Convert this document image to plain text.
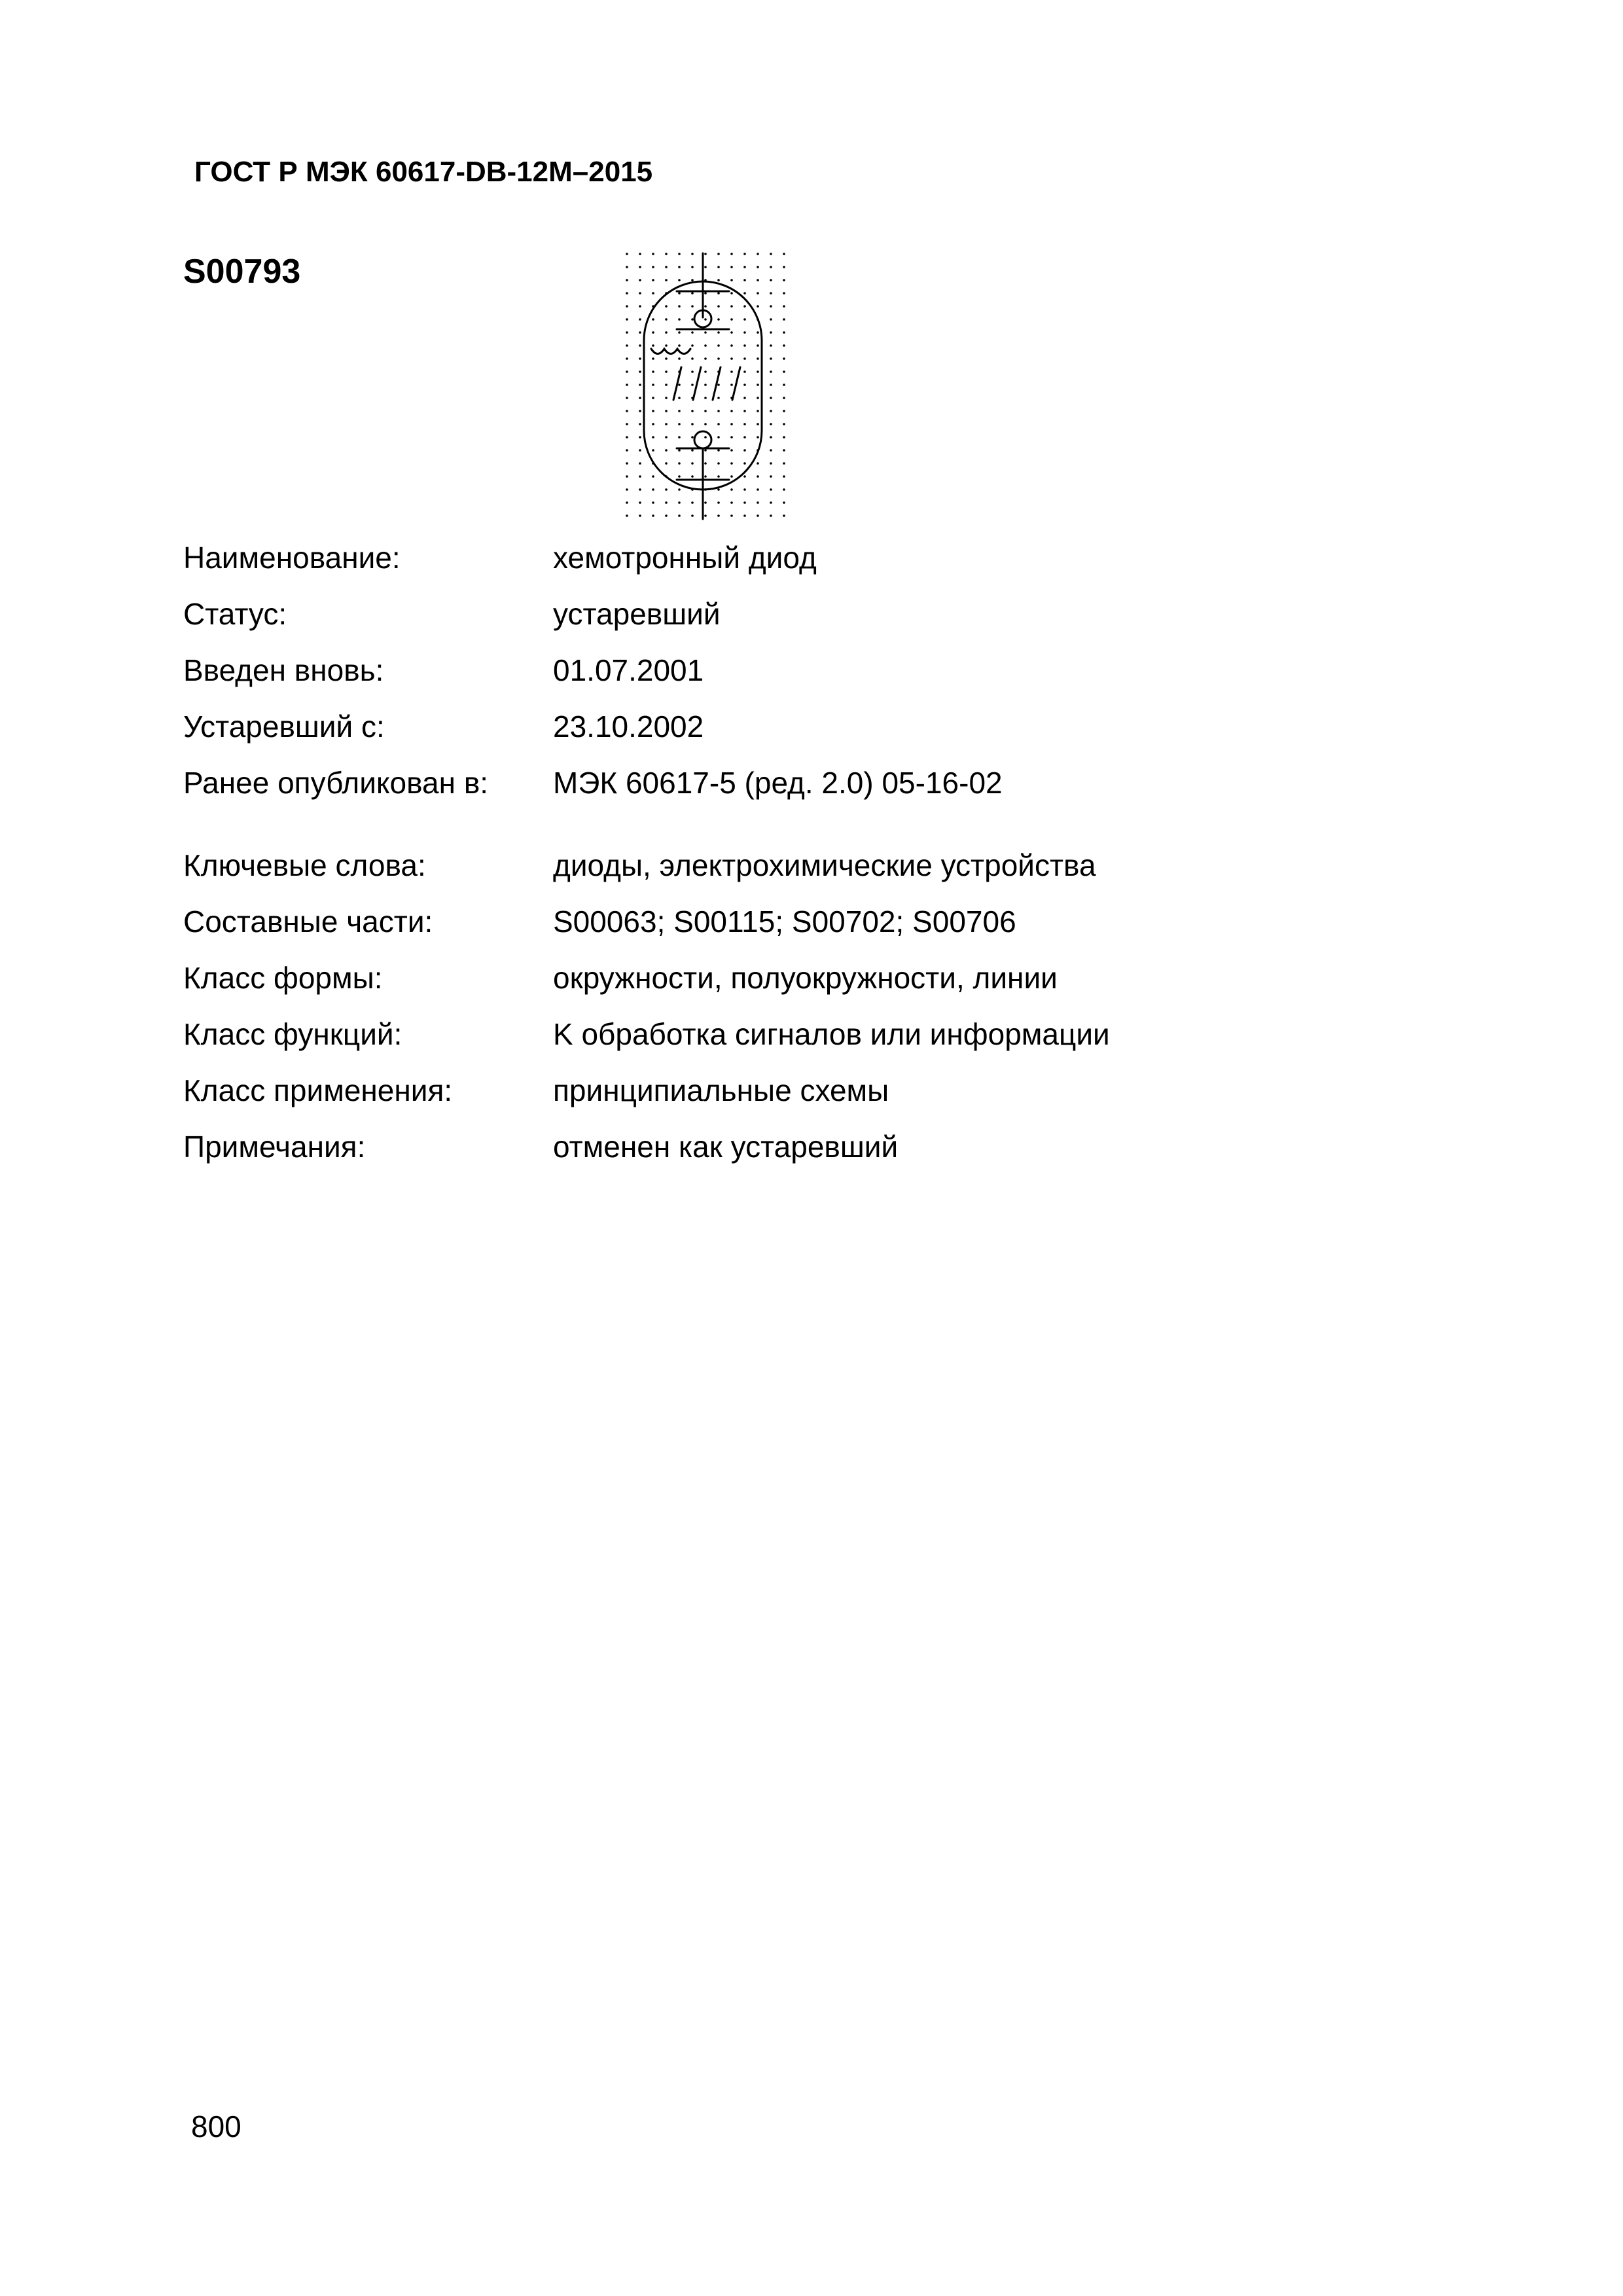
ГОСТ Р МЭК 60617-DB-12M–2015
S00793
Наименование:	хемотронный диод
Статус:	устаревший
Введен вновь:	01.07.2001
Устаревший с:	23.10.2002
Ранее опубликован в: МЭК 60617-5 (ред. 2.0) 05-16-02
Ключевые слова:	диоды, электрохимические устройства
Составные части:	S00063; S00115; S00702; S00706
Класс формы:	окружности, полуокружности, линии
Класс функций:	K обработка сигналов или информации
Класс применения:	принципиальные схемы
Примечания:	отменен как устаревший
800
